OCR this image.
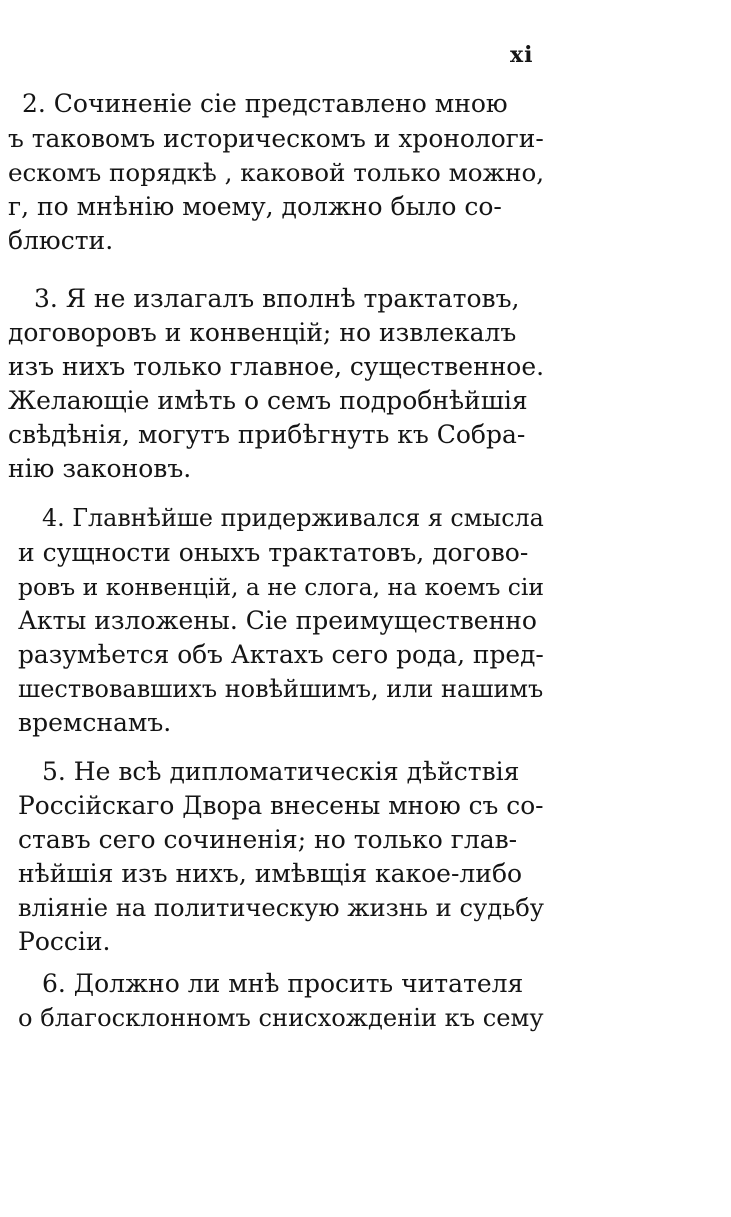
xi
2. Сочиненіе сіе представлено мною
ъ таковомъ историческомъ и хронологи-
ескомъ порядкѣ , каковой только можно,
г, по мнѣнію моему, должно было со-
блюсти.
3. Я не излагалъ вполнѣ трактатовъ,
договоровъ и конвенцій; но извлекалъ
изъ нихъ только главное, существенное.
Желающіе имѣть о семъ подробнѣйшія
свѣдѣнія, могутъ прибѣгнуть къ Собра-
нію законовъ.
4. Главнѣйше придерживался я смысла
и сущности оныхъ трактатовъ, догово-
ровъ и конвенцій, а не слога, на коемъ сіи
Акты изложены. Сіе преимущественно
разумѣется объ Актахъ сего рода, пред-
шествовавшихъ новѣйшимъ, или нашимъ
времснамъ.
5. Не всѣ дипломатическія дѣйствія
Россійскаго Двора внесены мною съ со-
ставъ сего сочиненія; но только глав-
нѣйшія изъ нихъ, имѣвщія какое-либо
вліяніе на политическую жизнь и судьбу
Россіи.
6. Должно ли мнѣ просить читателя
о благосклонномъ снисхожденіи къ сему
